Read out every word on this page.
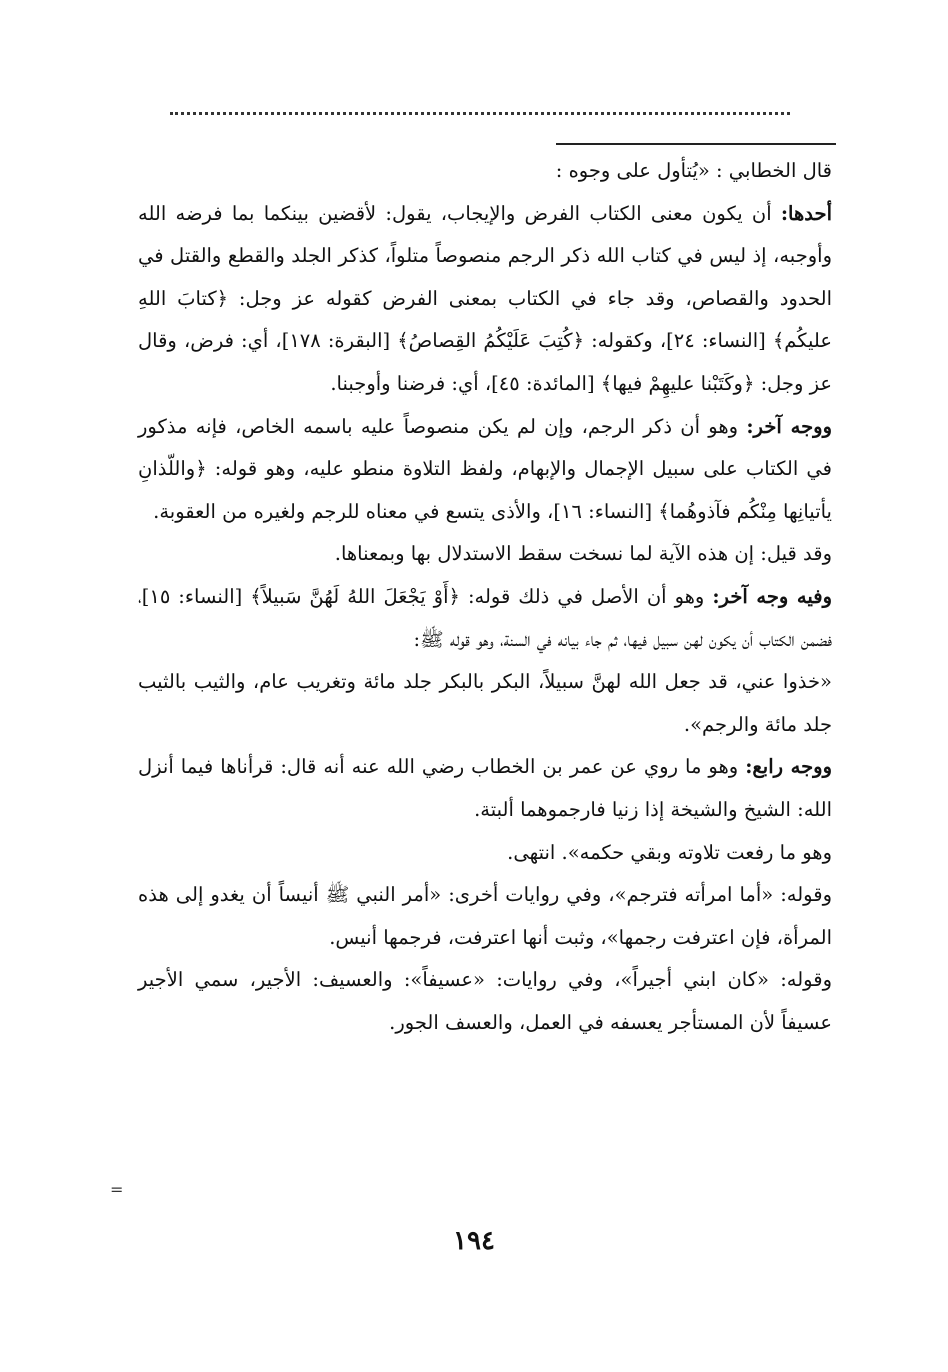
قال الخطابي : «يُتأول على وجوه :

أحدها: أن يكون معنى الكتاب الفرض والإيجاب، يقول: لأقضين بينكما بما فرضه الله وأوجبه، إذ ليس في كتاب الله ذكر الرجم منصوصاً متلواً، كذكر الجلد والقطع والقتل في الحدود والقصاص، وقد جاء في الكتاب بمعنى الفرض كقوله عز وجل: ﴿كتابَ اللهِ عليكُم﴾ [النساء: ٢٤]، وكقوله: ﴿كُتِبَ عَلَيْكُمُ القِصاصُ﴾ [البقرة: ١٧٨]، أي: فرض، وقال عز وجل: ﴿وكَتَبْنا عليهِمْ فيها﴾ [المائدة: ٤٥]، أي: فرضنا وأوجبنا.

ووجه آخر: وهو أن ذكر الرجم، وإن لم يكن منصوصاً عليه باسمه الخاص، فإنه مذكور في الكتاب على سبيل الإجمال والإبهام، ولفظ التلاوة منطو عليه، وهو قوله: ﴿واللّذانِ يأتيانِها مِنْكُم فآذوهُما﴾ [النساء: ١٦]، والأذى يتسع في معناه للرجم ولغيره من العقوبة.

وقد قيل: إن هذه الآية لما نسخت سقط الاستدلال بها وبمعناها.

وفيه وجه آخر: وهو أن الأصل في ذلك قوله: ﴿أَوْ يَجْعَلَ اللهُ لَهُنَّ سَبيلاً﴾ [النساء: ١٥]، فضمن الكتاب أن يكون لهن سبيل فيها، ثم جاء بيانه في السنة، وهو قوله ﷺ:

«خذوا عني، قد جعل الله لهنَّ سبيلاً، البكر بالبكر جلد مائة وتغريب عام، والثيب بالثيب جلد مائة والرجم».

ووجه رابع: وهو ما روي عن عمر بن الخطاب رضي الله عنه أنه قال: قرأناها فيما أنزل الله: الشيخ والشيخة إذا زنيا فارجموهما ألبتة.

وهو ما رفعت تلاوته وبقي حكمه». انتهى.

وقوله: «أما امرأته فترجم»، وفي روايات أخرى: «أمر النبي ﷺ أنيساً أن يغدو إلى هذه المرأة، فإن اعترفت رجمها»، وثبت أنها اعترفت، فرجمها أنيس.

وقوله: «كان ابني أجيراً»، وفي روايات: «عسيفاً»: والعسيف: الأجير، سمي الأجير عسيفاً لأن المستأجر يعسفه في العمل، والعسف الجور.

=
١٩٤
